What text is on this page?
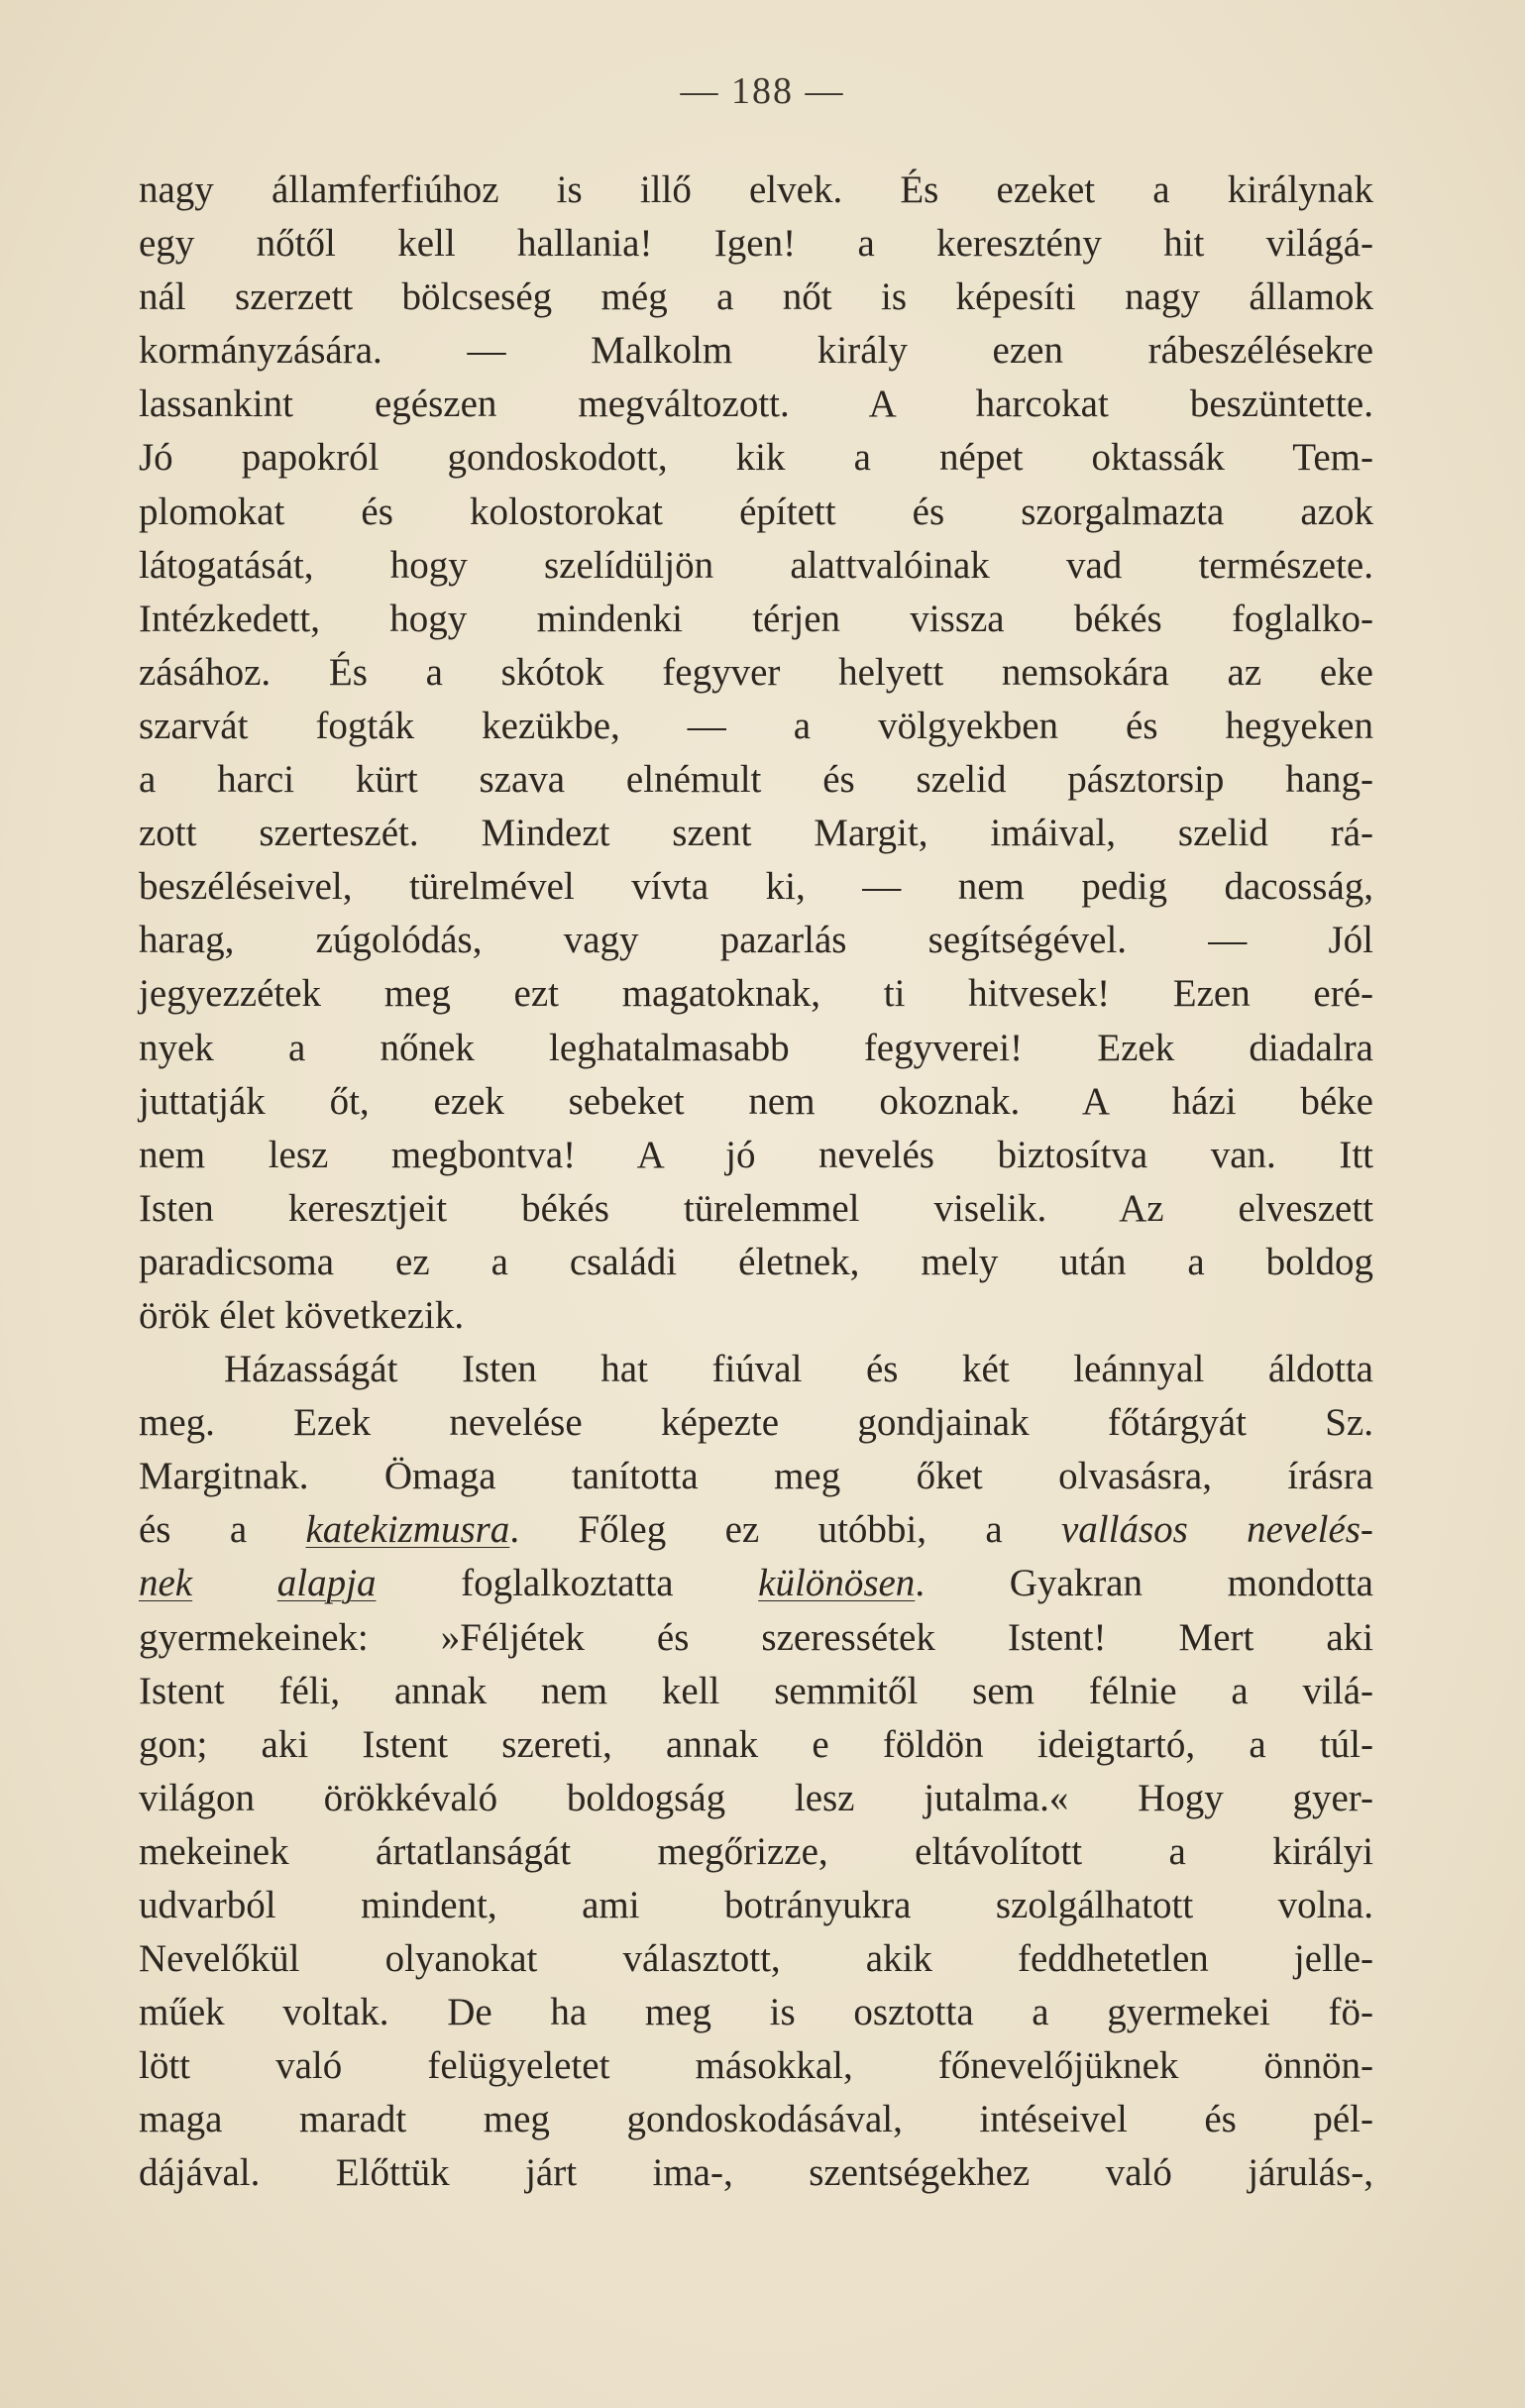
— 188 —
nagy államferfiúhoz is illő elvek. És ezeket a királynak
egy nőtől kell hallania! Igen! a keresztény hit világá-
nál szerzett bölcseség még a nőt is képesíti nagy államok
kormányzására. — Malkolm király ezen rábeszélésekre
lassankint egészen megváltozott. A harcokat beszüntette.
Jó papokról gondoskodott, kik a népet oktassák Tem-
plomokat és kolostorokat épített és szorgalmazta azok
látogatását, hogy szelídüljön alattvalóinak vad természete.
Intézkedett, hogy mindenki térjen vissza békés foglalko-
zásához. És a skótok fegyver helyett nemsokára az eke
szarvát fogták kezükbe, — a völgyekben és hegyeken
a harci kürt szava elnémult és szelid pásztorsip hang-
zott szerteszét. Mindezt szent Margit, imáival, szelid rá-
beszéléseivel, türelmével vívta ki, — nem pedig dacosság,
harag, zúgolódás, vagy pazarlás segítségével. — Jól
jegyezzétek meg ezt magatoknak, ti hitvesek! Ezen eré-
nyek a nőnek leghatalmasabb fegyverei! Ezek diadalra
juttatják őt, ezek sebeket nem okoznak. A házi béke
nem lesz megbontva! A jó nevelés biztosítva van. Itt
Isten keresztjeit békés türelemmel viselik. Az elveszett
paradicsoma ez a családi életnek, mely után a boldog
örök élet következik.
Házasságát Isten hat fiúval és két leánnyal áldotta
meg. Ezek nevelése képezte gondjainak főtárgyát Sz.
Margitnak. Ömaga tanította meg őket olvasásra, írásra
és a katekizmusra. Főleg ez utóbbi, a vallásos nevelés-
nek alapja foglalkoztatta különösen. Gyakran mondotta
gyermekeinek: »Féljétek és szeressétek Istent! Mert aki
Istent féli, annak nem kell semmitől sem félnie a vilá-
gon; aki Istent szereti, annak e földön ideigtartó, a túl-
világon örökkévaló boldogság lesz jutalma.« Hogy gyer-
mekeinek ártatlanságát megőrizze, eltávolított a királyi
udvarból mindent, ami botrányukra szolgálhatott volna.
Nevelőkül olyanokat választott, akik feddhetetlen jelle-
műek voltak. De ha meg is osztotta a gyermekei fö-
lött való felügyeletet másokkal, főnevelőjüknek önnön-
maga maradt meg gondoskodásával, intéseivel és pél-
dájával. Előttük járt ima-, szentségekhez való járulás-,
